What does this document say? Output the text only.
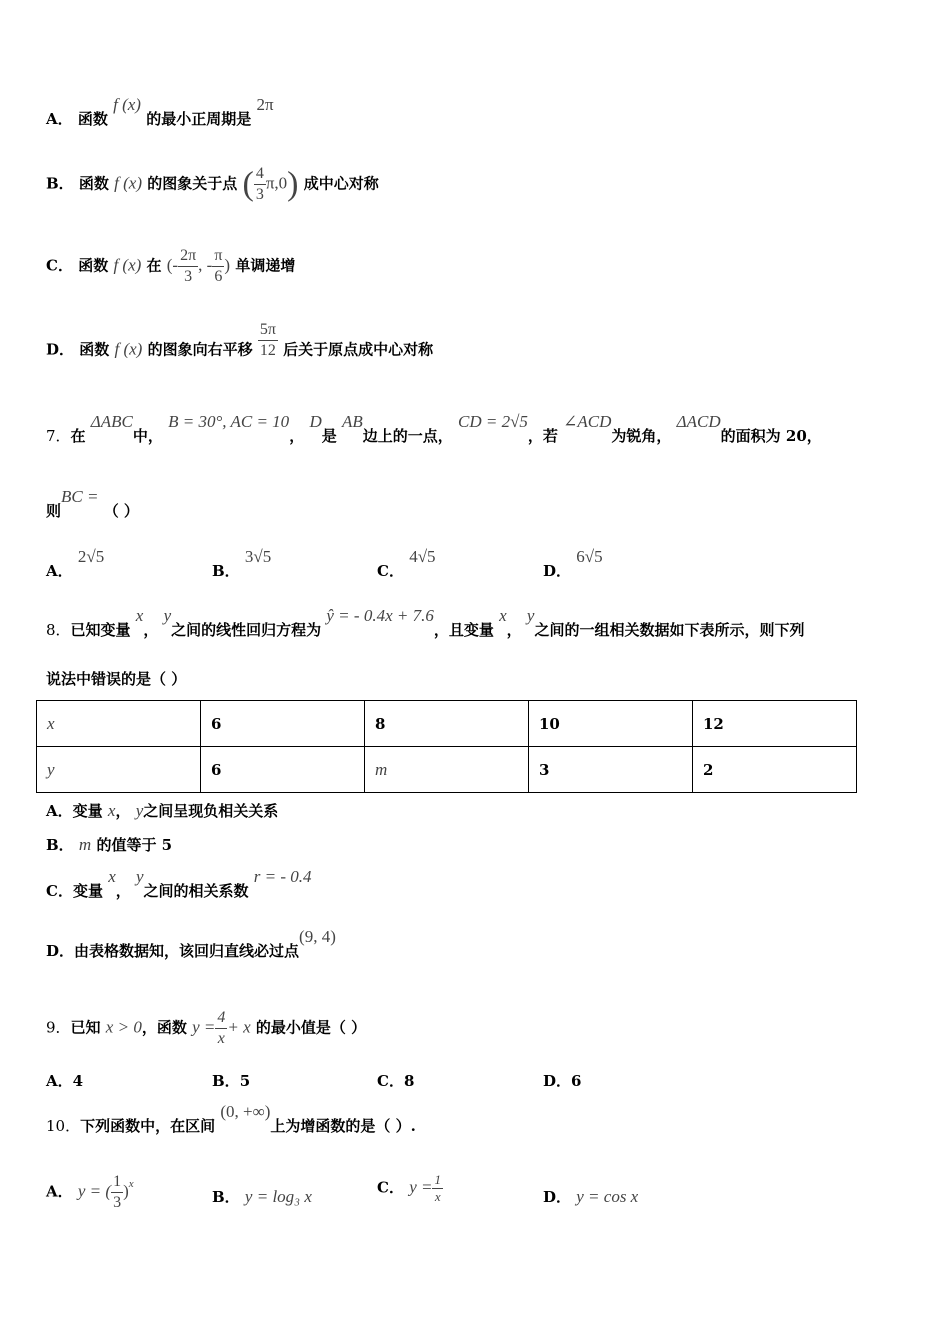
A． 函数 f (x) 的最小正周期是 2π
B． 函数 f (x) 的图象关于点 ( $\frac{4}{3} \pi,0$) 成中心对称
C． 函数 f (x) 在 (- $\frac{2\pi}{3}$ , - $\frac{\pi}{6}$ ) 单调递增
D． 函数 f (x) 的图象向右平移 $\frac{5\pi}{12}$ 后关于原点成中心对称
7．在 ΔABC中， B = 30°, AC = 10， D是 AB边上的一点， CD = 2√5，若 ∠ACD为锐角， ΔACD的面积为 20，
则BC = （ ）
A． 2√5
B． 3√5
C． 4√5
D． 6√5
8．已知变量 x， y之间的线性回归方程为 ŷ = - 0.4x + 7.6，且变量 x， y之间的一组相关数据如下表所示，则下列
说法中错误的是（ ）
x	6	8	10	12
y	6	m	3	2
A．变量 x， y之间呈现负相关关系
B． m 的值等于 5
C．变量 x， y之间的相关系数 r = - 0.4
D．由表格数据知，该回归直线必过点(9, 4)
9．已知 x > 0，函数 $y = \frac{4}{x} + x$ 的最小值是（ ）
A．4	B．5	C．8	D．6
10．下列函数中，在区间 (0, +∞)上为增函数的是（ ）.
A． y = ( $\frac{1}{3} )^x$
B． y = log₃ x	C． $y = \frac{1}{x}$	D． y = cos x
